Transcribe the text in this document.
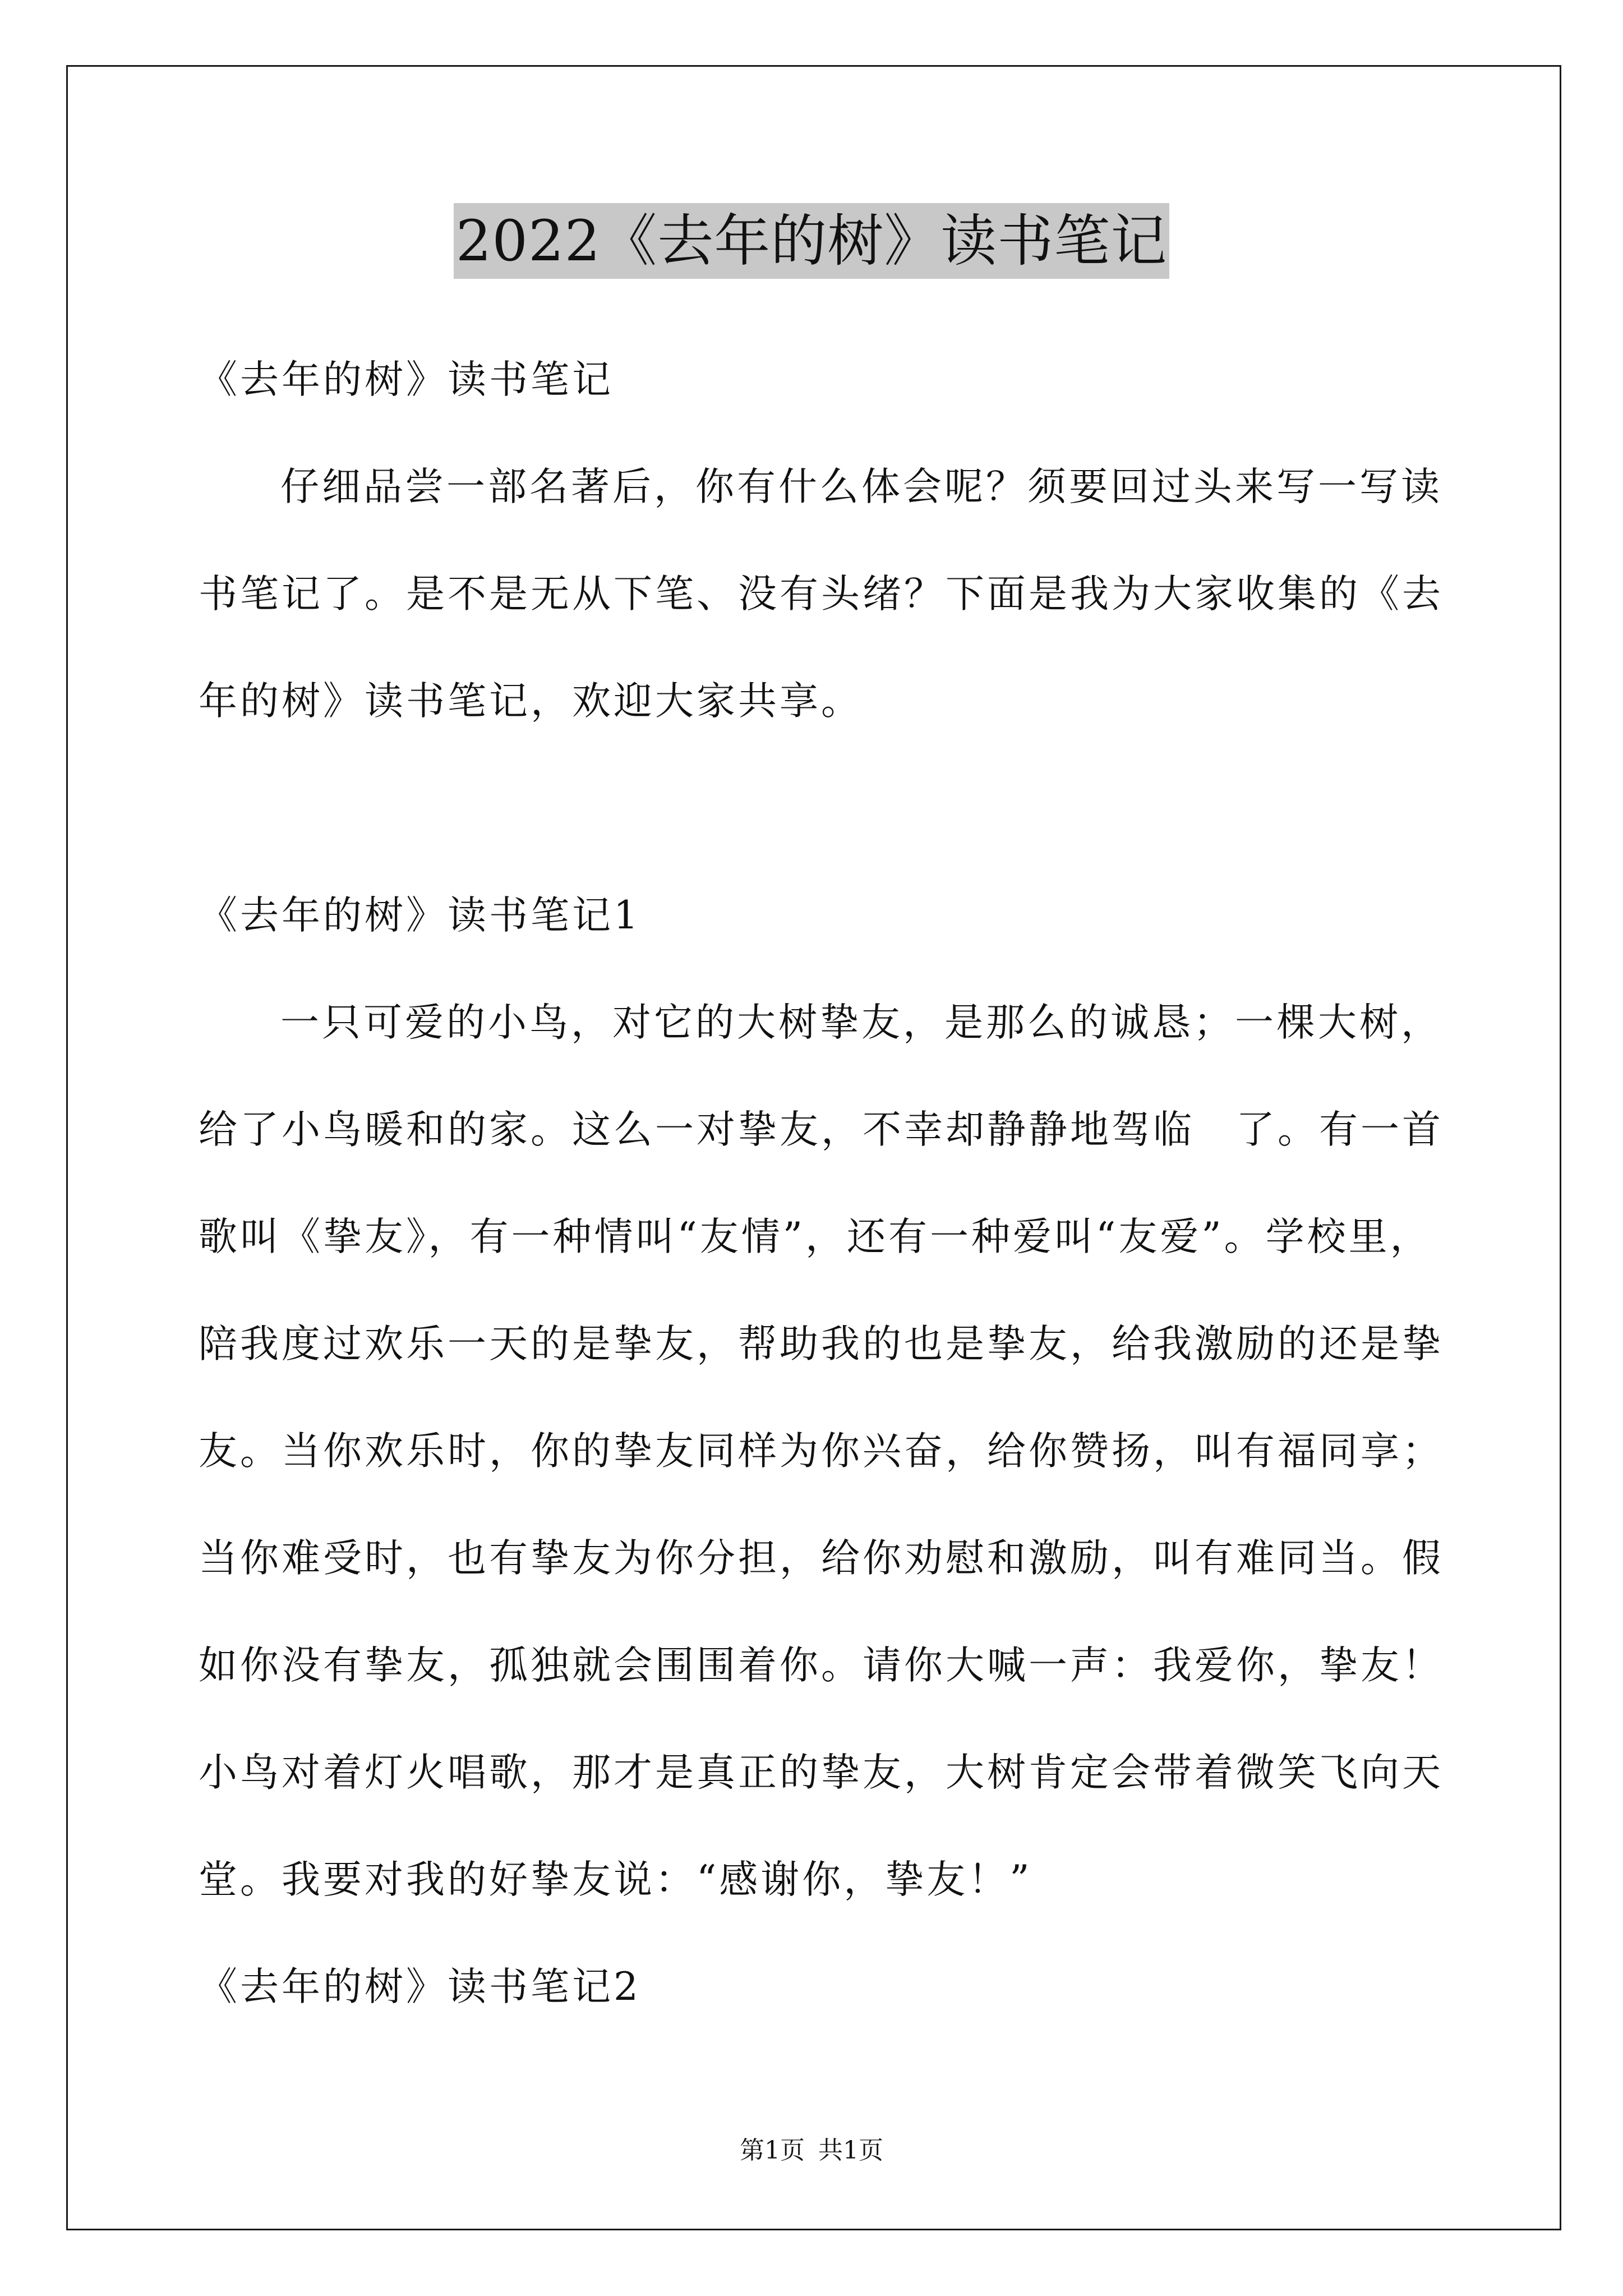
2022《去年的树》读书笔记
《去年的树》读书笔记
仔细品尝一部名著后，你有什么体会呢？须要回过头来写一写读
书笔记了。是不是无从下笔、没有头绪？下面是我为大家收集的《去
年的树》读书笔记，欢迎大家共享。
《去年的树》读书笔记1
一只可爱的小鸟，对它的大树挚友，是那么的诚恳；一棵大树，
给了小鸟暖和的家。这么一对挚友，不幸却静静地驾临　了。有一首
歌叫《挚友》，有一种情叫“友情”，还有一种爱叫“友爱”。学校里，
陪我度过欢乐一天的是挚友，帮助我的也是挚友，给我激励的还是挚
友。当你欢乐时，你的挚友同样为你兴奋，给你赞扬，叫有福同享；
当你难受时，也有挚友为你分担，给你劝慰和激励，叫有难同当。假
如你没有挚友，孤独就会围围着你。请你大喊一声：我爱你，挚友！
小鸟对着灯火唱歌，那才是真正的挚友，大树肯定会带着微笑飞向天
堂。我要对我的好挚友说：“感谢你，挚友！”
《去年的树》读书笔记2
第1页 共1页
